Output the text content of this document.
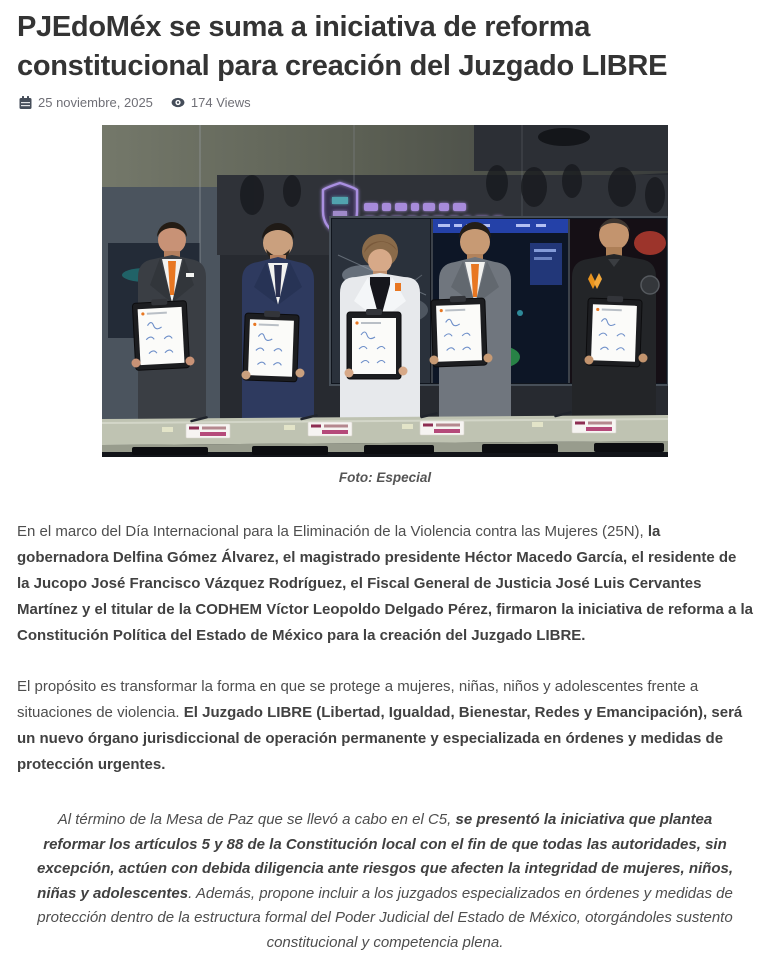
PJEdoMéx se suma a iniciativa de reforma constitucional para creación del Juzgado LIBRE
25 noviembre, 2025	174 Views
Foto: Especial

En el marco del Día Internacional para la Eliminación de la Violencia contra las Mujeres (25N), la gobernadora Delfina Gómez Álvarez, el magistrado presidente Héctor Macedo García, el residente de la Jucopo José Francisco Vázquez Rodríguez, el Fiscal General de Justicia José Luis Cervantes Martínez y el titular de la CODHEM Víctor Leopoldo Delgado Pérez, firmaron la iniciativa de reforma a la Constitución Política del Estado de México para la creación del Juzgado LIBRE.

El propósito es transformar la forma en que se protege a mujeres, niñas, niños y adolescentes frente a situaciones de violencia. El Juzgado LIBRE (Libertad, Igualdad, Bienestar, Redes y Emancipación), será un nuevo órgano jurisdiccional de operación permanente y especializada en órdenes y medidas de protección urgentes.

Al término de la Mesa de Paz que se llevó a cabo en el C5, se presentó la iniciativa que plantea reformar los artículos 5 y 88 de la Constitución local con el fin de que todas las autoridades, sin excepción, actúen con debida diligencia ante riesgos que afecten la integridad de mujeres, niños, niñas y adolescentes. Además, propone incluir a los juzgados especializados en órdenes y medidas de protección dentro de la estructura formal del Poder Judicial del Estado de México, otorgándoles sustento constitucional y competencia plena.
